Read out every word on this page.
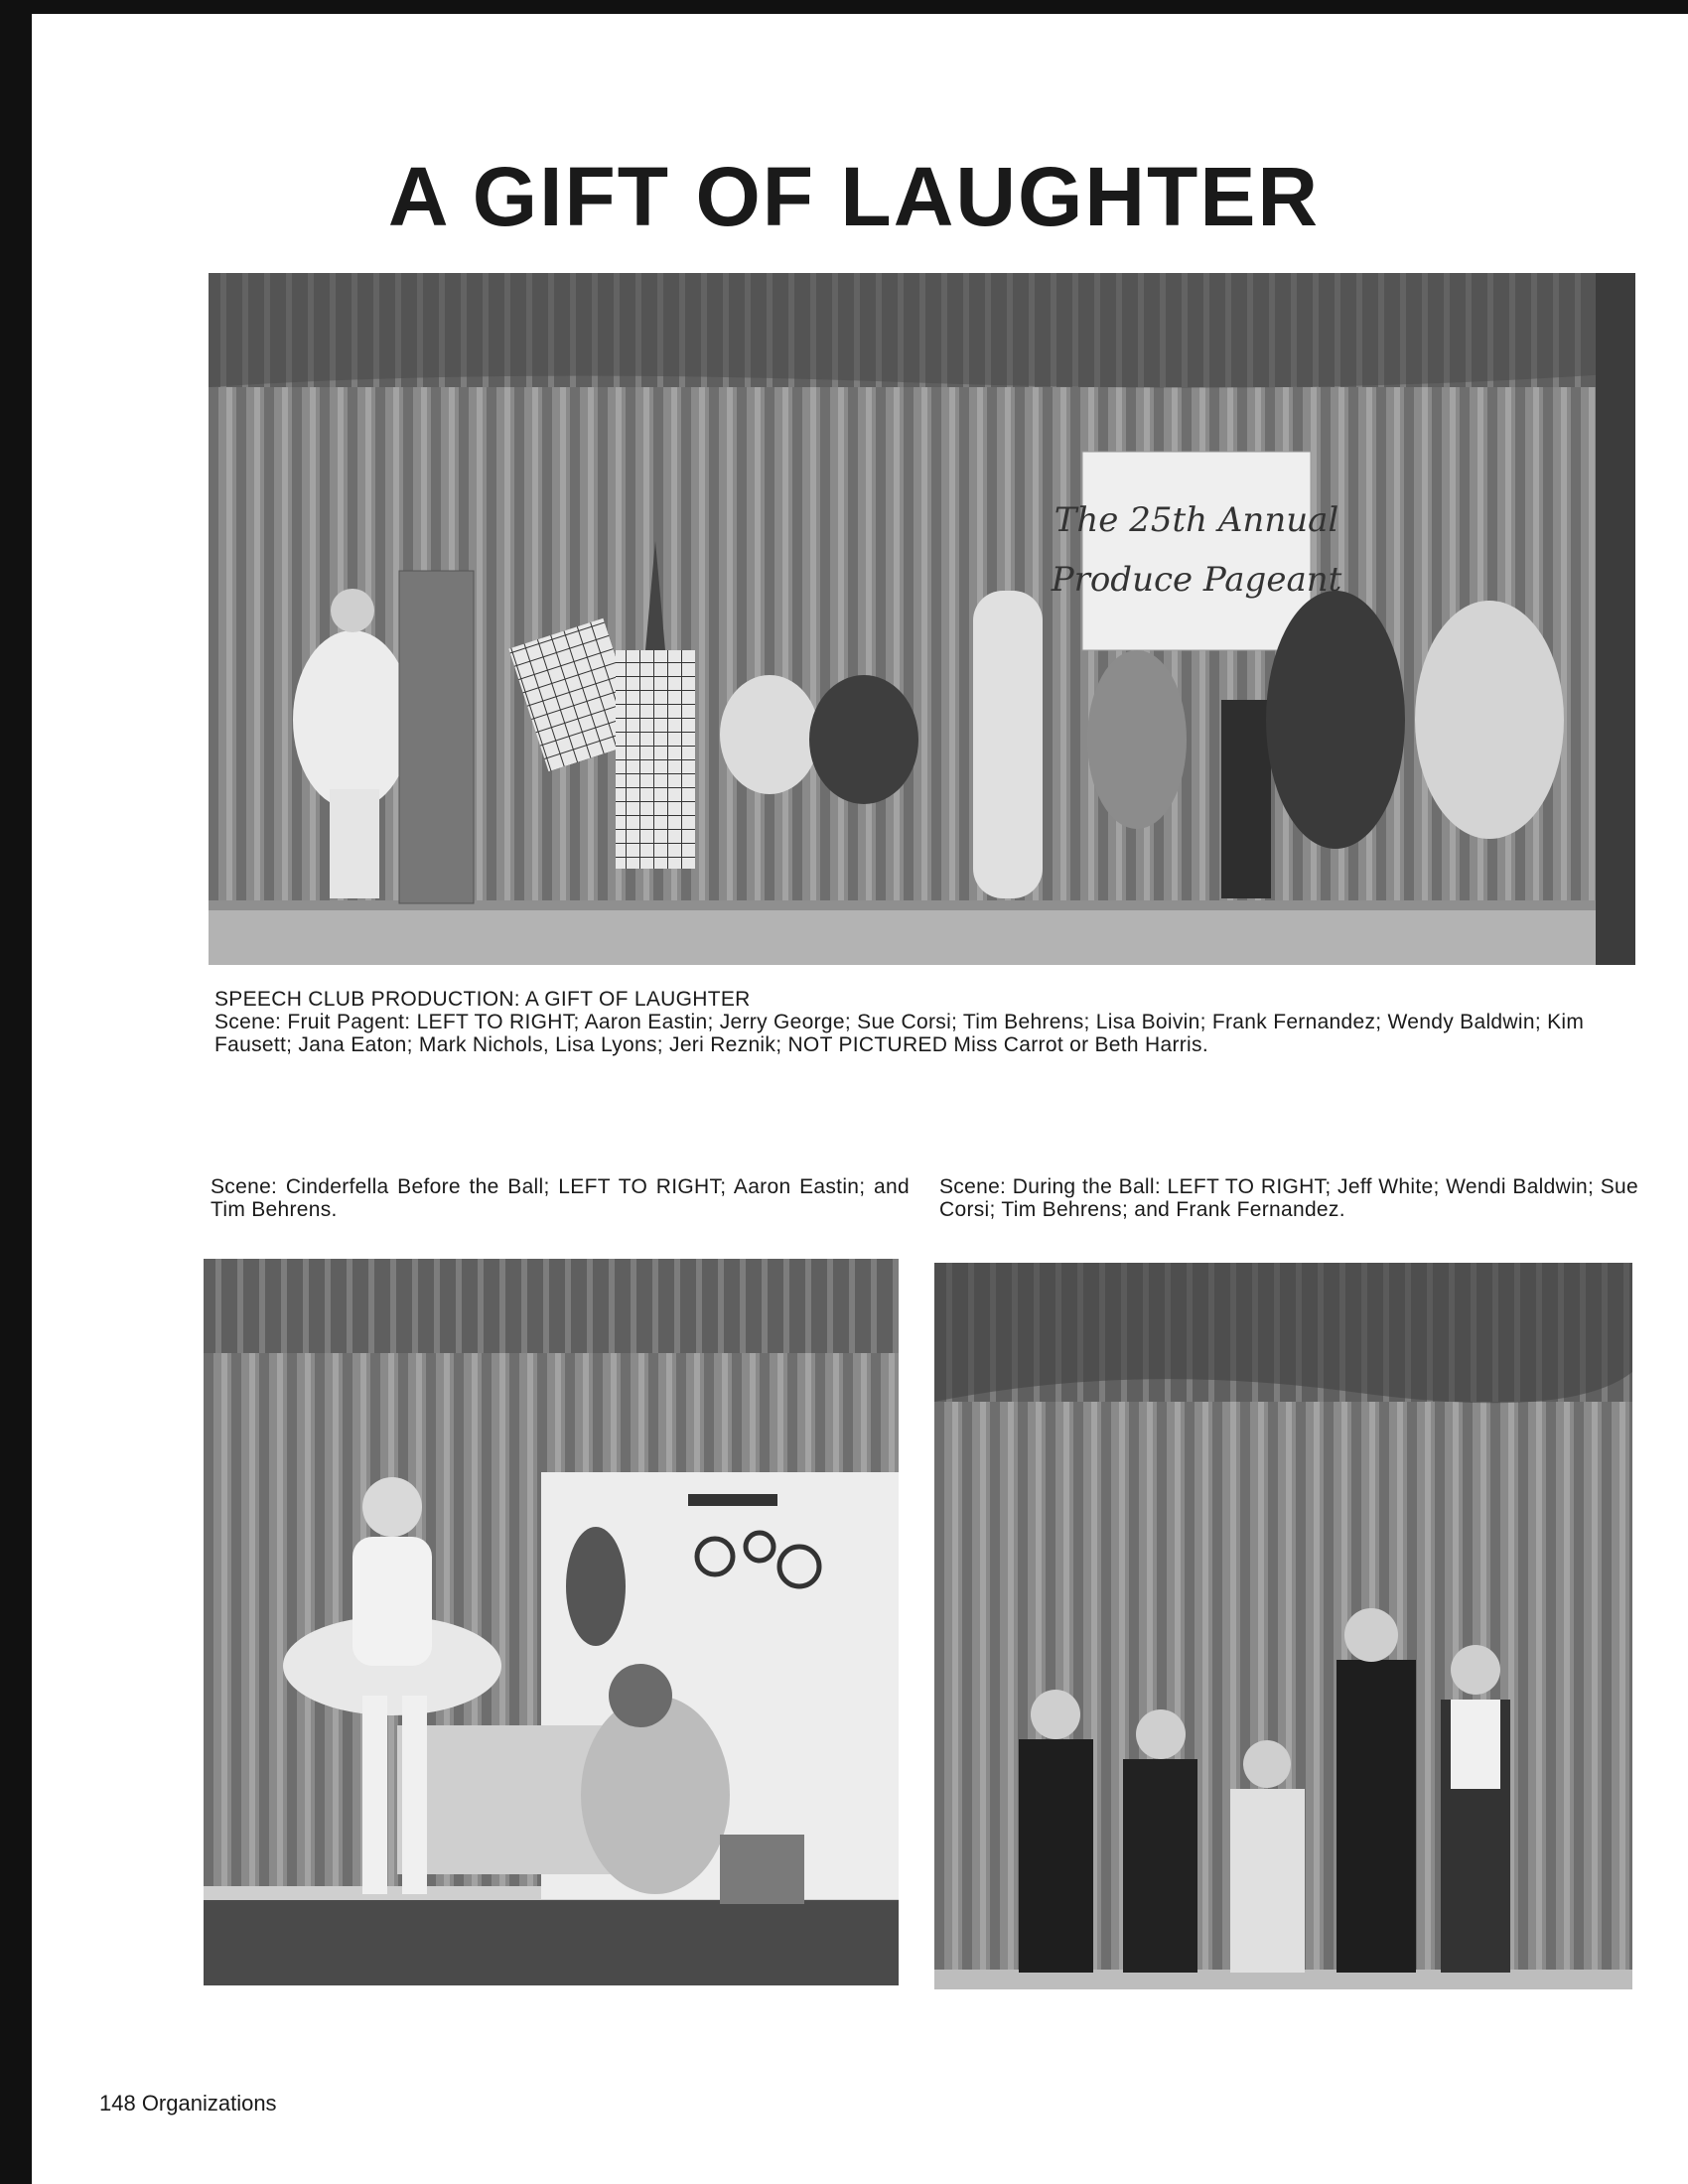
A GIFT OF LAUGHTER
The 25th Annual
Produce Pageant
SPEECH CLUB PRODUCTION: A GIFT OF LAUGHTER
Scene: Fruit Pagent: LEFT TO RIGHT; Aaron Eastin; Jerry George; Sue Corsi; Tim Behrens; Lisa Boivin; Frank Fernandez; Wendy Baldwin; Kim Fausett; Jana Eaton; Mark Nichols, Lisa Lyons; Jeri Reznik; NOT PICTURED Miss Carrot or Beth Harris.
Scene: Cinderfella Before the Ball; LEFT TO RIGHT; Aaron Eastin; and Tim Behrens.
Scene: During the Ball: LEFT TO RIGHT; Jeff White; Wendi Baldwin; Sue Corsi; Tim Behrens; and Frank Fernandez.
148 Organizations
